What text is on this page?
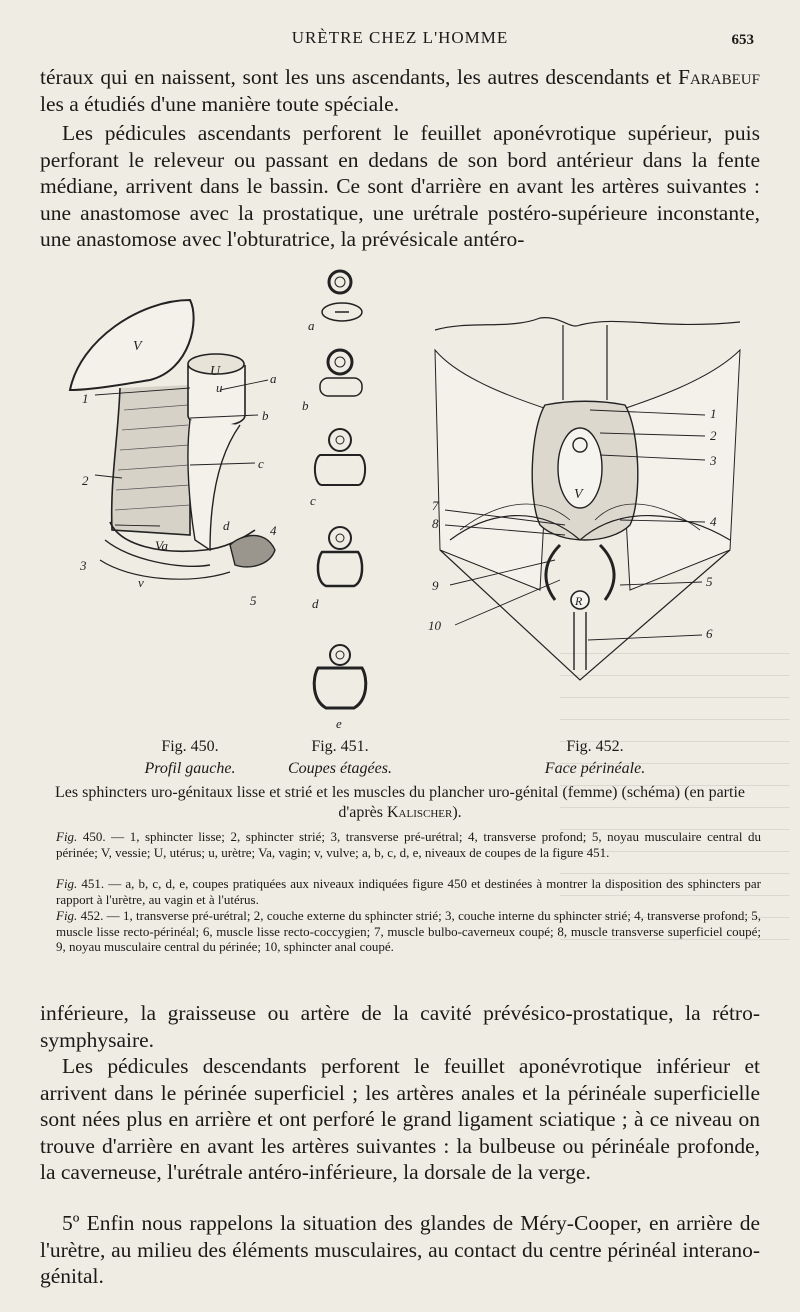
URÈTRE CHEZ L'HOMME	653

téraux qui en naissent, sont les uns ascendants, les autres descendants et Farabeuf les a étudiés d'une manière toute spéciale.

Les pédicules ascendants perforent le feuillet aponévrotique supérieur, puis perforant le releveur ou passant en dedans de son bord antérieur dans la fente médiane, arrivent dans le bassin. Ce sont d'arrière en avant les artères suivantes : une anastomose avec la prostatique, une urétrale postéro-supérieure inconstante, une anastomose avec l'obturatrice, la prévésicale antéro-

V
U
u
a
b
c
d
1
2
3
4
5
Va
v
a
b
c
d
e
1
2
3
4
5
6
7
8
9
10
V
R
Fig. 450.
Profil gauche.
Fig. 451.
Coupes étagées.
Fig. 452.
Face périnéale.
Les sphincters uro-génitaux lisse et strié et les muscles du plancher uro-génital (femme) (schéma) (en partie d'après Kalischer).

Fig. 450. — 1, sphincter lisse; 2, sphincter strié; 3, transverse pré-urétral; 4, transverse profond; 5, noyau musculaire central du périnée; V, vessie; U, utérus; u, urètre; Va, vagin; v, vulve; a, b, c, d, e, niveaux de coupes de la figure 451.

Fig. 451. — a, b, c, d, e, coupes pratiquées aux niveaux indiquées figure 450 et destinées à montrer la disposition des sphincters par rapport à l'urètre, au vagin et à l'utérus.

Fig. 452. — 1, transverse pré-urétral; 2, couche externe du sphincter strié; 3, couche interne du sphincter strié; 4, transverse profond; 5, muscle lisse recto-périnéal; 6, muscle lisse recto-coccygien; 7, muscle bulbo-caverneux coupé; 8, muscle transverse superficiel coupé; 9, noyau musculaire central du périnée; 10, sphincter anal coupé.

inférieure, la graisseuse ou artère de la cavité prévésico-prostatique, la rétro-symphysaire.

Les pédicules descendants perforent le feuillet aponévrotique inférieur et arrivent dans le périnée superficiel ; les artères anales et la périnéale superficielle sont nées plus en arrière et ont perforé le grand ligament sciatique ; à ce niveau on trouve d'arrière en avant les artères suivantes : la bulbeuse ou périnéale profonde, la caverneuse, l'urétrale antéro-inférieure, la dorsale de la verge.

5º Enfin nous rappelons la situation des glandes de Méry-Cooper, en arrière de l'urètre, au milieu des éléments musculaires, au contact du centre périnéal interano-génital.
